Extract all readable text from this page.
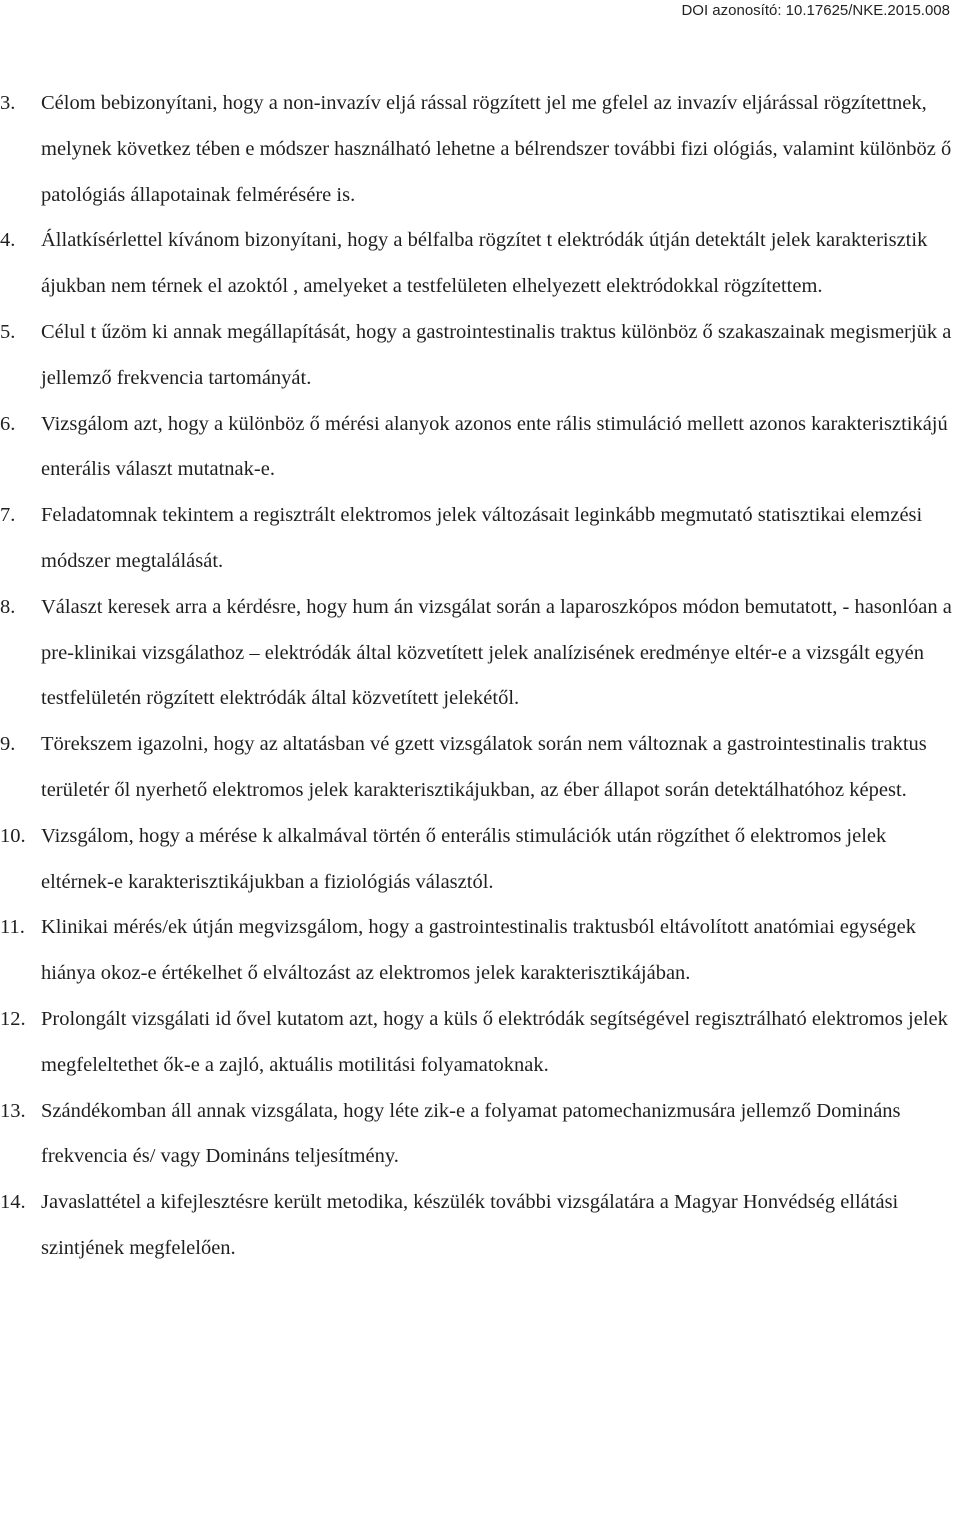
DOI azonosító: 10.17625/NKE.2015.008
3.	Célom bebizonyítani, hogy a non-invazív eljá rással rögzített jel me gfelel az invazív eljárással rögzítettnek, melynek következ tében e módszer használható lehetne a bélrendszer további fizi ológiás, valamint különböz ő patológiás állapotainak felmérésére is.
4.	Állatkísérlettel kívánom bizonyítani, hogy a bélfalba rögzítet t elektródák útján detektált jelek karakterisztik ájukban nem térnek el azoktól , amelyeket a testfelületen elhelyezett elektródokkal rögzítettem.
5.	Célul t űzöm ki annak megállapítását, hogy a gastrointestinalis traktus különböz ő szakaszainak megismerjük a jellemző frekvencia tartományát.
6.	Vizsgálom azt, hogy a különböz ő mérési alanyok azonos ente rális stimuláció mellett azonos karakterisztikájú enterális választ mutatnak-e.
7.	Feladatomnak tekintem a regisztrált elektromos jelek változásait leginkább megmutató statisztikai elemzési módszer megtalálását.
8.	Választ keresek arra a kérdésre, hogy hum án vizsgálat során a laparoszkópos módon bemutatott, - hasonlóan a pre-klinikai vizsgálathoz – elektródák által közvetített jelek analízisének eredménye eltér-e a vizsgált egyén testfelületén rögzített elektródák által közvetített jelekétől.
9.	Törekszem igazolni, hogy az altatásban vé gzett vizsgálatok során nem változnak a gastrointestinalis traktus területér ől nyerhető elektromos jelek karakterisztikájukban, az éber állapot során detektálhatóhoz képest.
10. Vizsgálom, hogy a mérése k alkalmával történ ő enterális stimulációk után rögzíthet ő elektromos jelek eltérnek-e karakterisztikájukban a fiziológiás választól.
11. Klinikai mérés/ek útján megvizsgálom, hogy a gastrointestinalis traktusból eltávolított anatómiai egységek hiánya okoz-e értékelhet ő elváltozást az elektromos jelek karakterisztikájában.
12. Prolongált vizsgálati id ővel kutatom azt, hogy a küls ő elektródák segítségével regisztrálható elektromos jelek megfeleltethet ők-e a zajló, aktuális motilitási folyamatoknak.
13. Szándékomban áll annak vizsgálata, hogy léte zik-e a folyamat patomechanizmusára jellemző Domináns frekvencia és/ vagy Domináns teljesítmény.
14. Javaslattétel a kifejlesztésre került metodika, készülék további vizsgálatára a Magyar Honvédség ellátási szintjének megfelelően.
